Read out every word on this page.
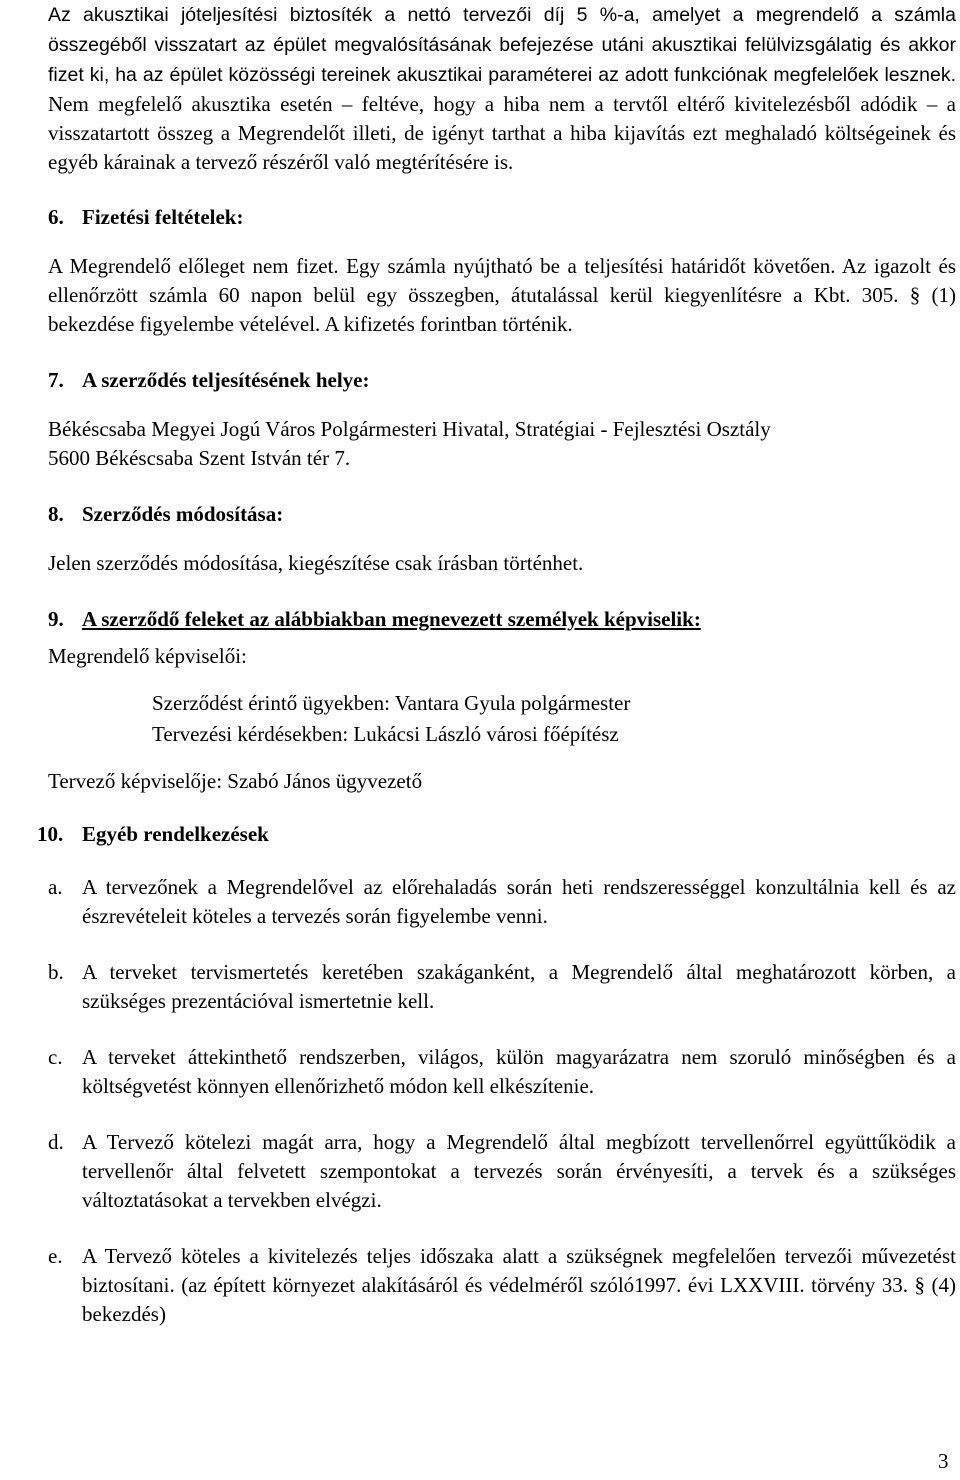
Az akusztikai jóteljesítési biztosíték a nettó tervezői díj 5 %-a, amelyet a megrendelő a számla összegéből visszatart az épület megvalósításának befejezése utáni akusztikai felülvizsgálatig és akkor fizet ki, ha az épület közösségi tereinek akusztikai paraméterei az adott funkciónak megfelelőek lesznek. Nem megfelelő akusztika esetén – feltéve, hogy a hiba nem a tervtől eltérő kivitelezésből adódik – a visszatartott összeg a Megrendelőt illeti, de igényt tarthat a hiba kijavítás ezt meghaladó költségeinek és egyéb kárainak a tervező részéről való megtérítésére is.

6. Fizetési feltételek:

A Megrendelő előleget nem fizet. Egy számla nyújtható be a teljesítési határidőt követően. Az igazolt és ellenőrzött számla 60 napon belül egy összegben, átutalással kerül kiegyenlítésre a Kbt. 305. § (1) bekezdése figyelembe vételével. A kifizetés forintban történik.

7. A szerződés teljesítésének helye:

Békéscsaba Megyei Jogú Város Polgármesteri Hivatal, Stratégiai - Fejlesztési Osztály

5600 Békéscsaba Szent István tér 7.

8. Szerződés módosítása:

Jelen szerződés módosítása, kiegészítése csak írásban történhet.

9. A szerződő feleket az alábbiakban megnevezett személyek képviselik:

Megrendelő képviselői:

Szerződést érintő ügyekben: Vantara Gyula polgármester

Tervezési kérdésekben: Lukácsi László városi főépítész

Tervező képviselője: Szabó János ügyvezető

10. Egyéb rendelkezések
a. A tervezőnek a Megrendelővel az előrehaladás során heti rendszerességgel konzultálnia kell és az észrevételeit köteles a tervezés során figyelembe venni.
b. A terveket tervismertetés keretében szakáganként, a Megrendelő által meghatározott körben, a szükséges prezentációval ismertetnie kell.
c. A terveket áttekinthető rendszerben, világos, külön magyarázatra nem szoruló minőségben és a költségvetést könnyen ellenőrizhető módon kell elkészítenie.
d. A Tervező kötelezi magát arra, hogy a Megrendelő által megbízott tervellenőrrel együttűködik a tervellenőr által felvetett szempontokat a tervezés során érvényesíti, a tervek és a szükséges változtatásokat a tervekben elvégzi.
e. A Tervező köteles a kivitelezés teljes időszaka alatt a szükségnek megfelelően tervezői művezetést biztosítani. (az épített környezet alakításáról és védelméről szóló1997. évi LXXVIII. törvény 33. § (4) bekezdés)
3
